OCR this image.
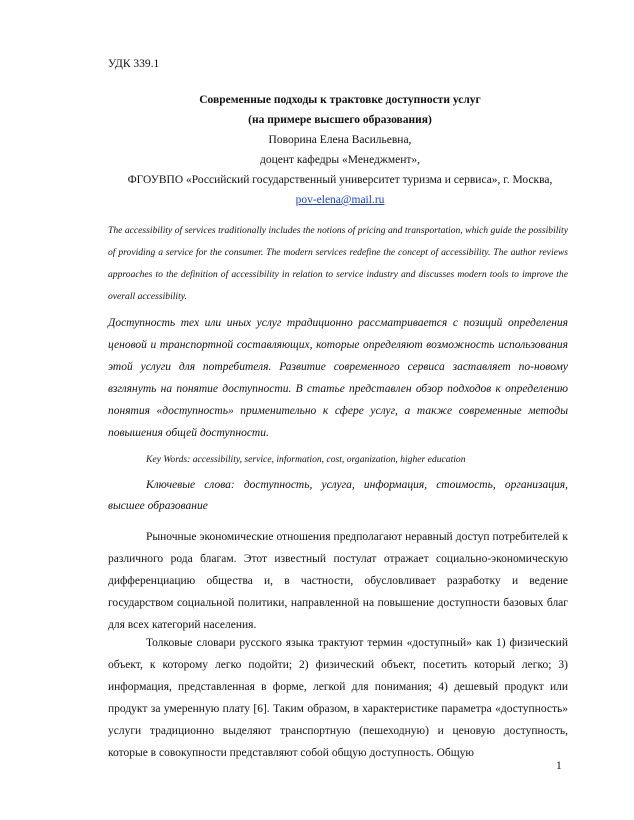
УДК 339.1
Современные подходы к трактовке доступности услуг
(на примере высшего образования)
Поворина Елена Васильевна,
доцент кафедры «Менеджмент»,
ФГОУВПО «Российский государственный университет туризма и сервиса», г. Москва,
pov-elena@mail.ru
The accessibility of services traditionally includes the notions of pricing and transportation, which guide the possibility of providing a service for the consumer. The modern services redefine the concept of accessibility. The author reviews approaches to the definition of accessibility in relation to service industry and discusses modern tools to improve the overall accessibility.
Доступность тех или иных услуг традиционно рассматривается с позиций определения ценовой и транспортной составляющих, которые определяют возможность использования этой услуги для потребителя. Развитие современного сервиса заставляет по-новому взглянуть на понятие доступности. В статье представлен обзор подходов к определению понятия «доступность» применительно к сфере услуг, а также современные методы повышения общей доступности.
Key Words: accessibility, service, information, cost, organization, higher education
Ключевые слова: доступность, услуга, информация, стоимость, организация, высшее образование
Рыночные экономические отношения предполагают неравный доступ потребителей к различного рода благам. Этот известный постулат отражает социально-экономическую дифференциацию общества и, в частности, обусловливает разработку и ведение государством социальной политики, направленной на повышение доступности базовых благ для всех категорий населения.
Толковые словари русского языка трактуют термин «доступный» как 1) физический объект, к которому легко подойти; 2) физический объект, посетить который легко; 3) информация, представленная в форме, легкой для понимания; 4) дешевый продукт или продукт за умеренную плату [6]. Таким образом, в характеристике параметра «доступность» услуги традиционно выделяют транспортную (пешеходную) и ценовую доступность, которые в совокупности представляют собой общую доступность. Общую
1
